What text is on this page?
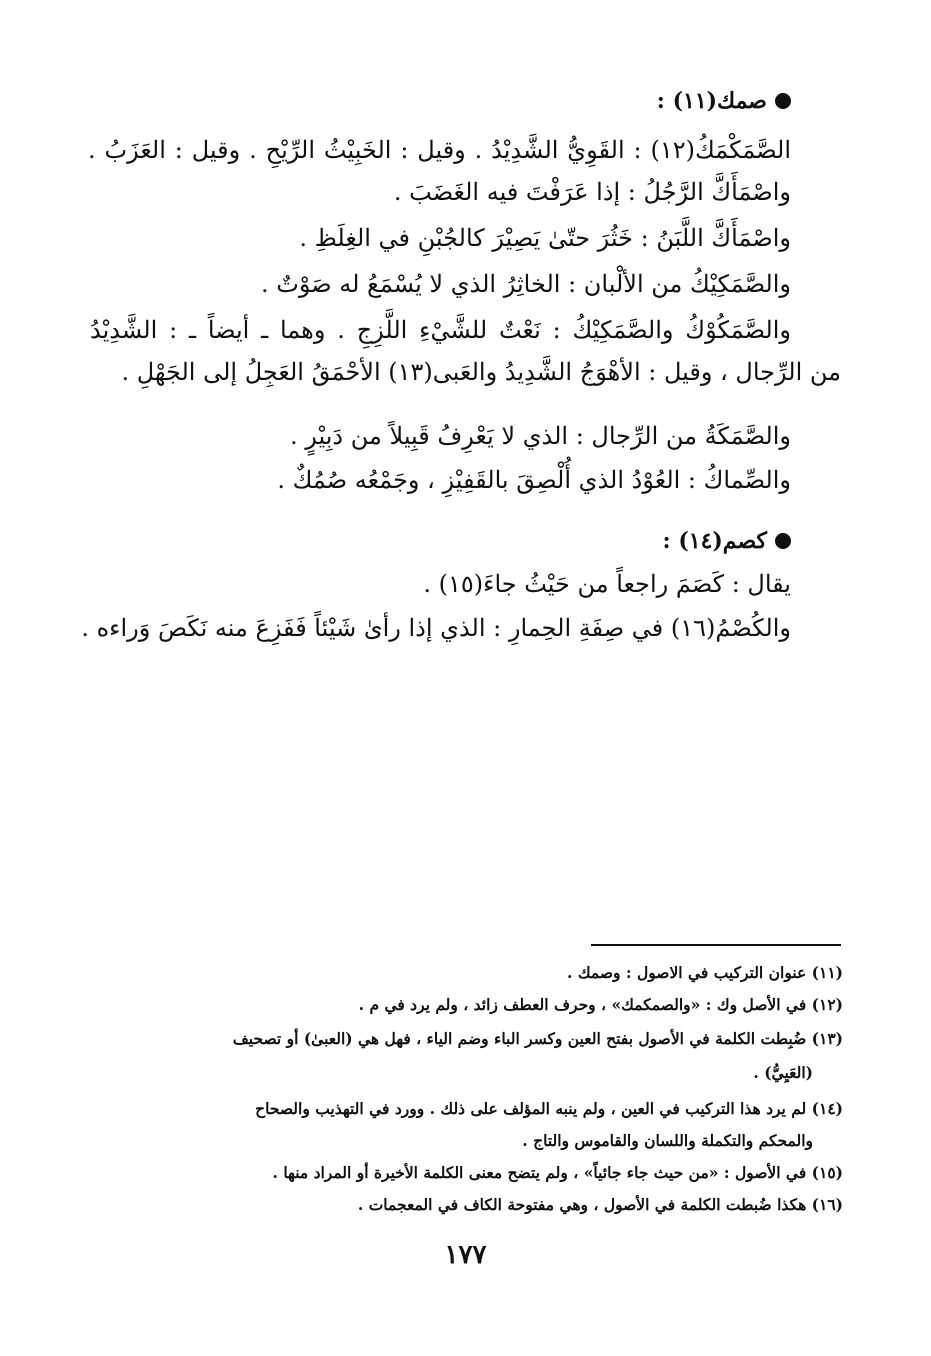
صمك(١١) :
الصَّمَكْمَكُ(١٢) : القَوِيُّ الشَّدِيْدُ . وقيل : الخَبِيْثُ الرِّيْحِ . وقيل : العَزَبُ .
واصْمَأَكَّ الرَّجُلُ : إذا عَرَفْتَ فيه الغَضَبَ .
واصْمَأَكَّ اللَّبَنُ : خَثُرَ حتّىٰ يَصِيْرَ كالجُبْنِ في الغِلَظِ .
والصَّمَكِيْكُ من الألْبان : الخاثِرُ الذي لا يُسْمَعُ له صَوْتٌ .
والصَّمَكُوْكُ والصَّمَكِيْكُ : نَعْتٌ للشَّيْءِ اللَّزِجِ . وهما ـ أيضاً ـ : الشَّدِيْدُ
من الرِّجال ، وقيل : الأهْوَجُ الشَّدِيدُ والعَبى(١٣) الأحْمَقُ العَجِلُ إلى الجَهْلِ .
والصَّمَكَةُ من الرِّجال : الذي لا يَعْرِفُ قَبِيلاً من دَبِيْرٍ .
والصِّماكُ : العُوْدُ الذي أُلْصِقَ بالقَفِيْزِ ، وجَمْعُه صُمُكٌ .
كصم(١٤) :
يقال : كَصَمَ راجعاً من حَيْثُ جاءَ(١٥) .
والكُصْمُ(١٦) في صِفَةِ الحِمارِ : الذي إذا رأىٰ شَيْئاً فَفَزِعَ منه نَكَصَ وَراءه .
(١١) عنوان التركيب في الاصول : وصمك .
(١٢) في الأصل وك : «والصمكمك» ، وحرف العطف زائد ، ولم يرد في م .
(١٣) ضُبِطت الكلمة في الأصول بفتح العين وكسر الباء وضم الياء ، فهل هي (العبىٰ) أو تصحيف
(العَيِيُّ) .
(١٤) لم يرد هذا التركيب في العين ، ولم ينبه المؤلف على ذلك . وورد في التهذيب والصحاح
والمحكم والتكملة واللسان والقاموس والتاج .
(١٥) في الأصول : «من حيث جاء جائياً» ، ولم يتضح معنى الكلمة الأخيرة أو المراد منها .
(١٦) هكذا ضُبطت الكلمة في الأصول ، وهي مفتوحة الكاف في المعجمات .
١٧٧
